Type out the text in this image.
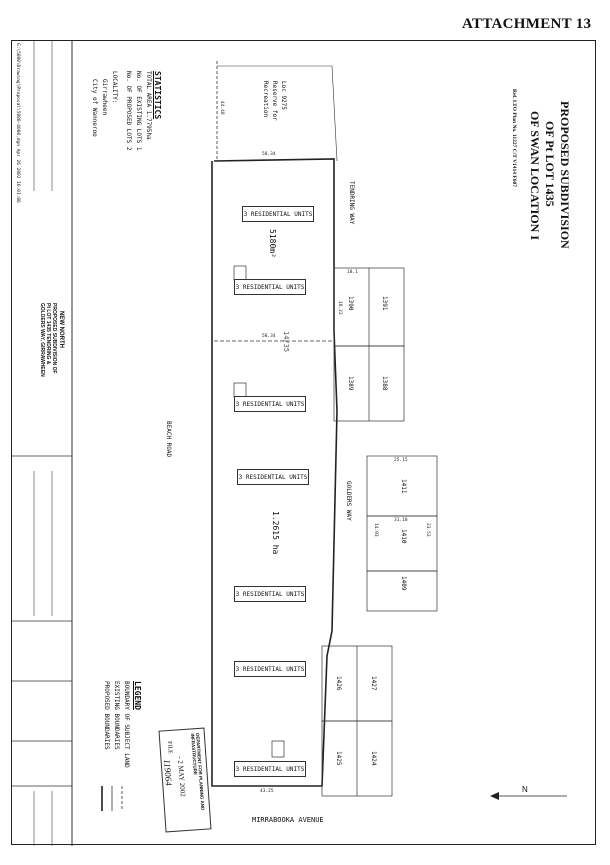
ATTACHMENT 13
PROPOSED SUBDIVISION
OF Pt LOT 1435
OF SWAN LOCATION I
Ref. LTO Plan No. 11227 C/T V1414 F607
STATISTICS
TOTAL AREA 1.7795ha
No. OF EXISTING LOTS 1
No. OF PROPOSED LOTS 2
LOCALITY:
Girrawheen
City of Wanneroo	Loc 9275
Reserve for
Recreation
TENDRING WAY
GOLDERS WAY
BEACH ROAD
MIRRABOOKA AVENUE
3 RESIDENTIAL UNITS
3 RESIDENTIAL UNITS
3 RESIDENTIAL UNITS
3 RESIDENTIAL UNITS
3 RESIDENTIAL UNITS
3 RESIDENTIAL UNITS
3 RESIDENTIAL UNITS
5180m²
1.2615 ha
14/35
1390	1391
1389	1388
1411
1410
1409
1426	1427
1425	1424
58.34
58.34
43.25
44.48
18.1
18.22
25.15
31.18
14.93	23.53
LEGEND
BOUNDARY OF SUBJECT LAND
EXISTING BOUNDARIES
PROPOSED BOUNDARIES
DEPARTMENT FOR PLANNING AND INFRASTRUCTURE
- 2 MAY 2002
FILE
119064
N
NEW NORTH
PROPOSED SUBDIVISION OF
Pt LOT 1435 TENDRING &
GOLDERS WAY, GIRRAWHEEN
G:\5080\Drawing\Proposal\5080-4008.dgn Apr 26 2002 16:01:06
